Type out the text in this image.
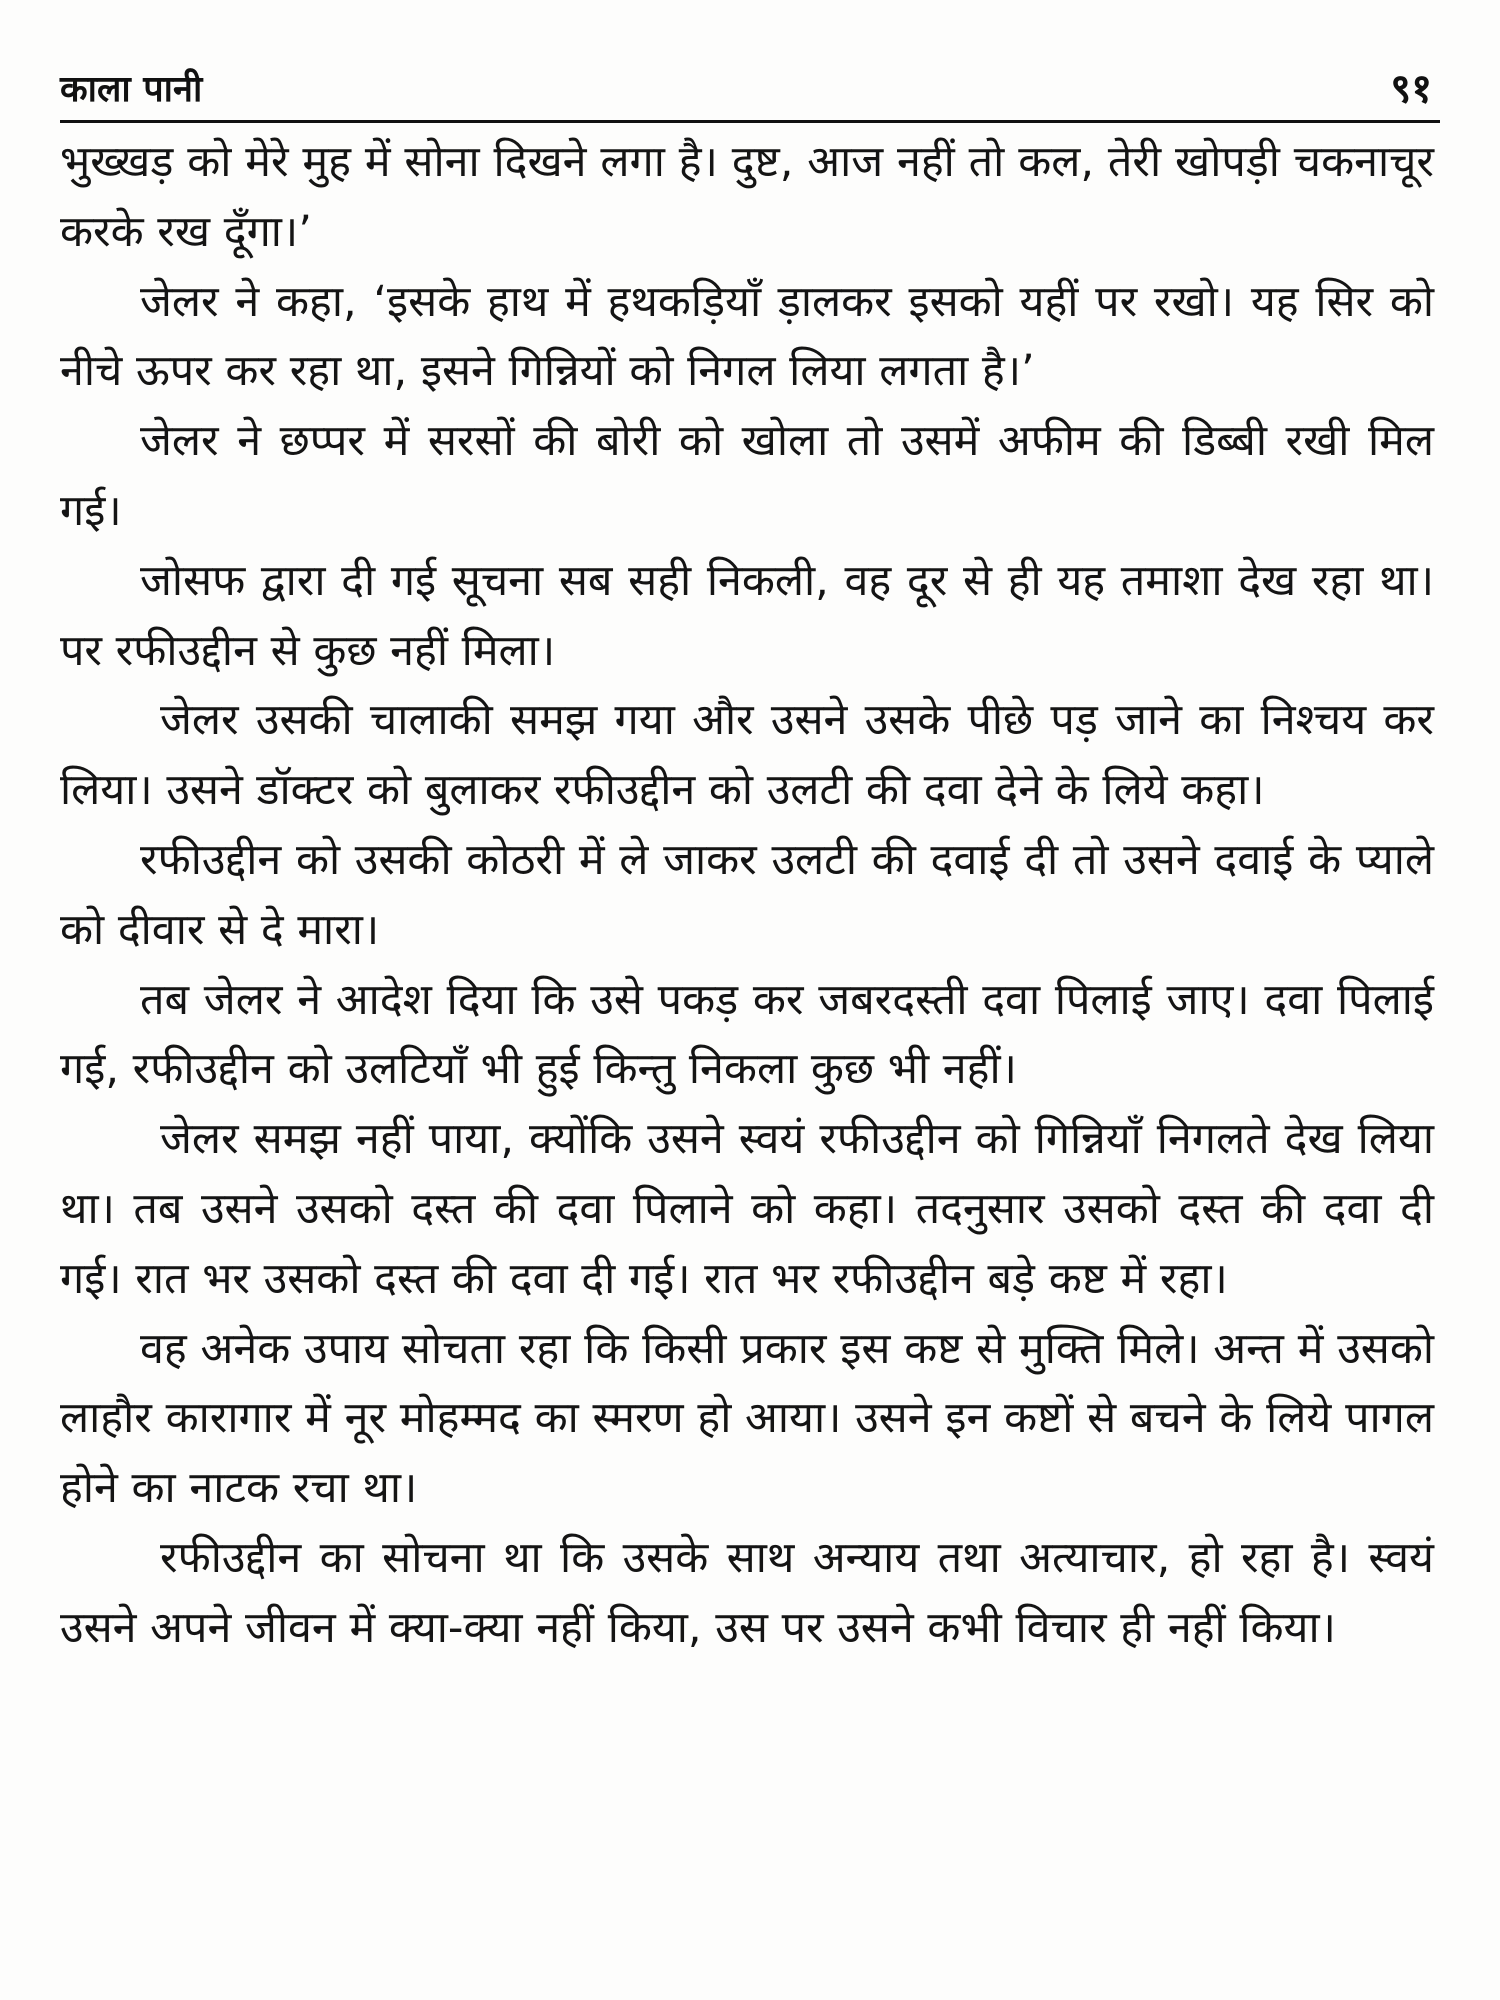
काला पानी	९१

भुख्खड़ को मेरे मुह में सोना दिखने लगा है। दुष्ट, आज नहीं तो कल, तेरी खोपड़ी चकनाचूर करके रख दूँगा।’

जेलर ने कहा, ‘इसके हाथ में हथकड़ियाँ ड़ालकर इसको यहीं पर रखो। यह सिर को नीचे ऊपर कर रहा था, इसने गिन्नियों को निगल लिया लगता है।’

जेलर ने छप्पर में सरसों की बोरी को खोला तो उसमें अफीम की डिब्बी रखी मिल गई।

जोसफ द्वारा दी गई सूचना सब सही निकली, वह दूर से ही यह तमाशा देख रहा था। पर रफीउद्दीन से कुछ नहीं मिला।

जेलर उसकी चालाकी समझ गया और उसने उसके पीछे पड़ जाने का निश्चय कर लिया। उसने डॉक्टर को बुलाकर रफीउद्दीन को उलटी की दवा देने के लिये कहा।

रफीउद्दीन को उसकी कोठरी में ले जाकर उलटी की दवाई दी तो उसने दवाई के प्याले को दीवार से दे मारा।

तब जेलर ने आदेश दिया कि उसे पकड़ कर जबरदस्ती दवा पिलाई जाए। दवा पिलाई गई, रफीउद्दीन को उलटियाँ भी हुई किन्तु निकला कुछ भी नहीं।

जेलर समझ नहीं पाया, क्योंकि उसने स्वयं रफीउद्दीन को गिन्नियाँ निगलते देख लिया था। तब उसने उसको दस्त की दवा पिलाने को कहा। तदनुसार उसको दस्त की दवा दी गई। रात भर उसको दस्त की दवा दी गई। रात भर रफीउद्दीन बड़े कष्ट में रहा।

वह अनेक उपाय सोचता रहा कि किसी प्रकार इस कष्ट से मुक्ति मिले। अन्त में उसको लाहौर कारागार में नूर मोहम्मद का स्मरण हो आया। उसने इन कष्टों से बचने के लिये पागल होने का नाटक रचा था।

रफीउद्दीन का सोचना था कि उसके साथ अन्याय तथा अत्याचार, हो रहा है। स्वयं उसने अपने जीवन में क्या-क्या नहीं किया, उस पर उसने कभी विचार ही नहीं किया।
